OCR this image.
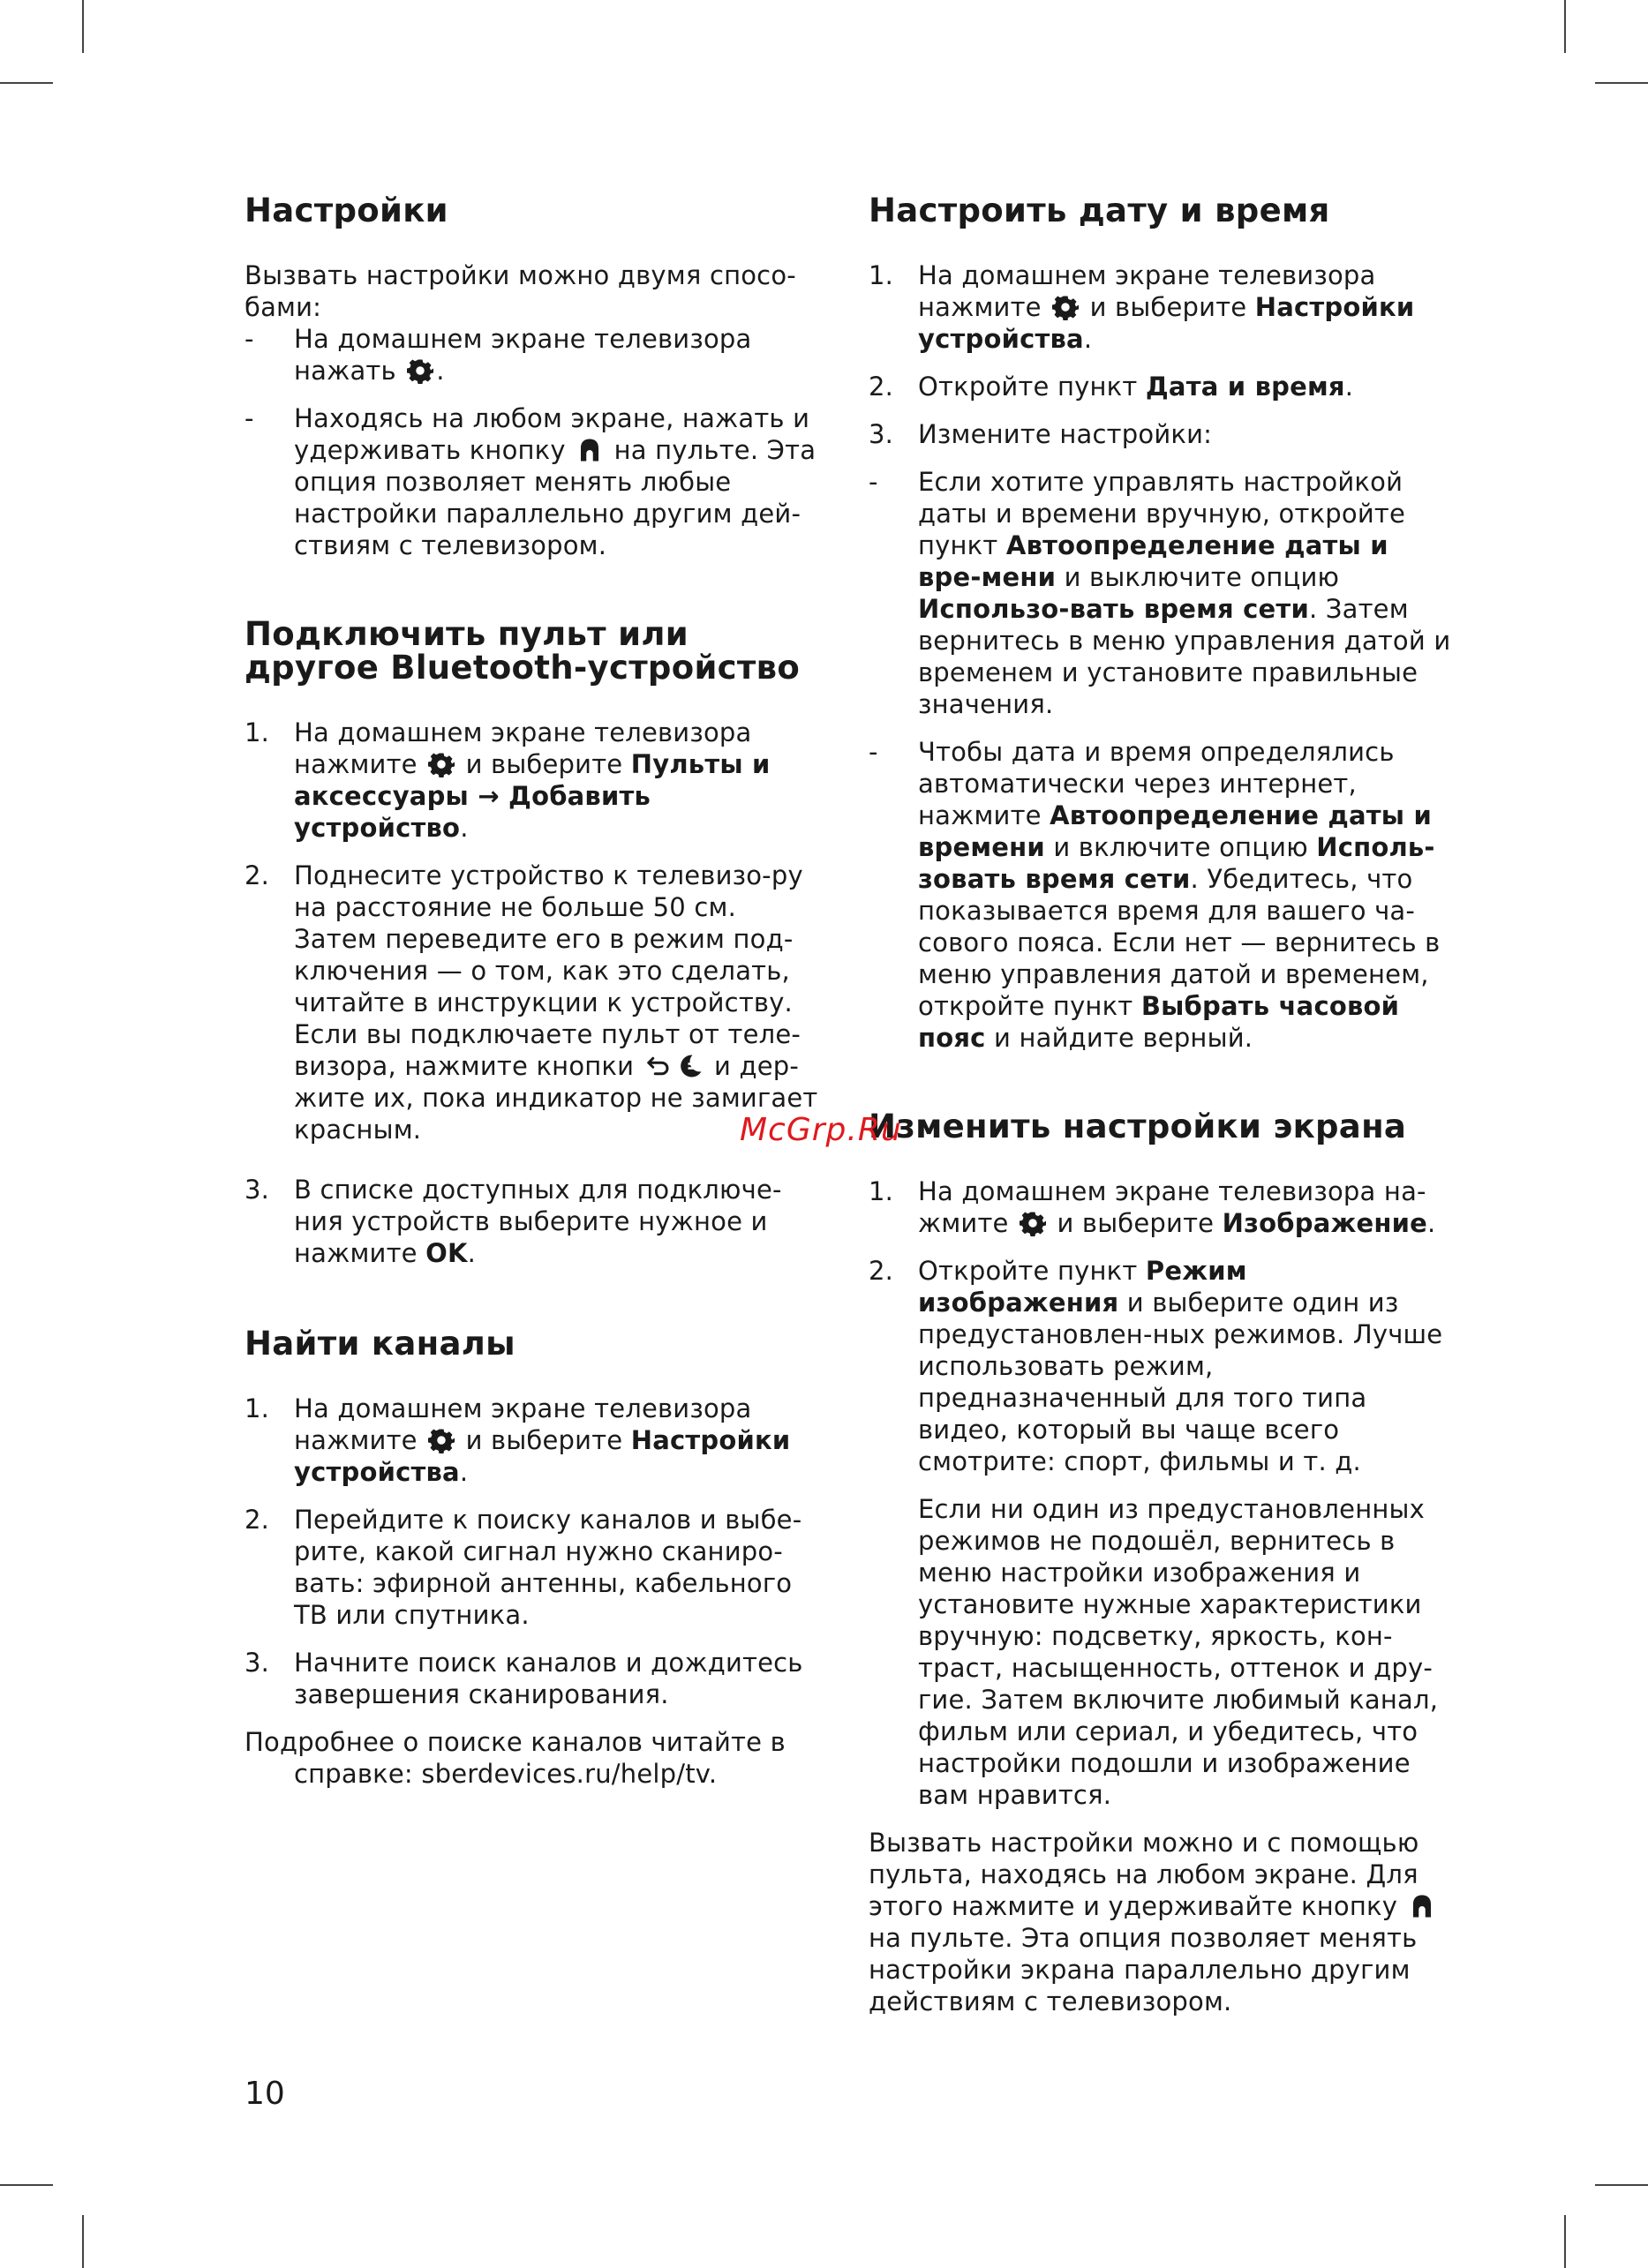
Настройки

Вызвать настройки можно двумя спосо-бами:

- На домашнем экране телевизора нажать .
- Находясь на любом экране, нажать и удерживать кнопку на пульте. Эта опция позволяет менять любые настройки параллельно другим дей-ствиям с телевизором.
Подключить пульт или другое Bluetooth-устройство
1. На домашнем экране телевизора нажмите и выберите Пульты и аксессуары → Добавить устройство.
2. Поднесите устройство к телевизо-ру на расстояние не больше 50 см. Затем переведите его в режим под-ключения — о том, как это сделать, читайте в инструкции к устройству. Если вы подключаете пульт от теле-визора, нажмите кнопки	и дер-жите их, пока индикатор не замигает красным.
3. В списке доступных для подключе-ния устройств выберите нужное и нажмите OK.
Найти каналы
1. На домашнем экране телевизора нажмите и выберите Настройки устройства.
2. Перейдите к поиску каналов и выбе-рите, какой сигнал нужно сканиро-вать: эфирной антенны, кабельного ТВ или спутника.
3. Начните поиск каналов и дождитесь завершения сканирования.

Подробнее о поиске каналов читайте в справке: sberdevices.ru/help/tv.

Настроить дату и время
1. На домашнем экране телевизора нажмите и выберите Настройки устройства.
2. Откройте пункт Дата и время.
3. Измените настройки:
- Если хотите управлять настройкой даты и времени вручную, откройте пункт Автоопределение даты и вре-мени и выключите опцию Использо-вать время сети. Затем вернитесь в меню управления датой и временем и установите правильные значения.
- Чтобы дата и время определялись автоматически через интернет, нажмите Автоопределение даты и времени и включите опцию Исполь-зовать время сети. Убедитесь, что показывается время для вашего ча-сового пояса. Если нет — вернитесь в меню управления датой и временем, откройте пункт Выбрать часовой пояс и найдите верный.
Изменить настройки экрана
1. На домашнем экране телевизора на-жмите и выберите Изображение.
2. Откройте пункт Режим изображения и выберите один из предустановлен-ных режимов. Лучше использовать режим, предназначенный для того типа видео, который вы чаще всего смотрите: спорт, фильмы и т. д.

Если ни один из предустановленных режимов не подошёл, вернитесь в меню настройки изображения и установите нужные характеристики вручную: подсветку, яркость, кон-траст, насыщенность, оттенок и дру-гие. Затем включите любимый канал, фильм или сериал, и убедитесь, что настройки подошли и изображение вам нравится.

Вызвать настройки можно и с помощью пульта, находясь на любом экране. Для этого нажмите и удерживайте кнопку
на пульте. Эта опция позволяет менять настройки экрана параллельно другим действиям с телевизором.

McGrp.Ru
10
